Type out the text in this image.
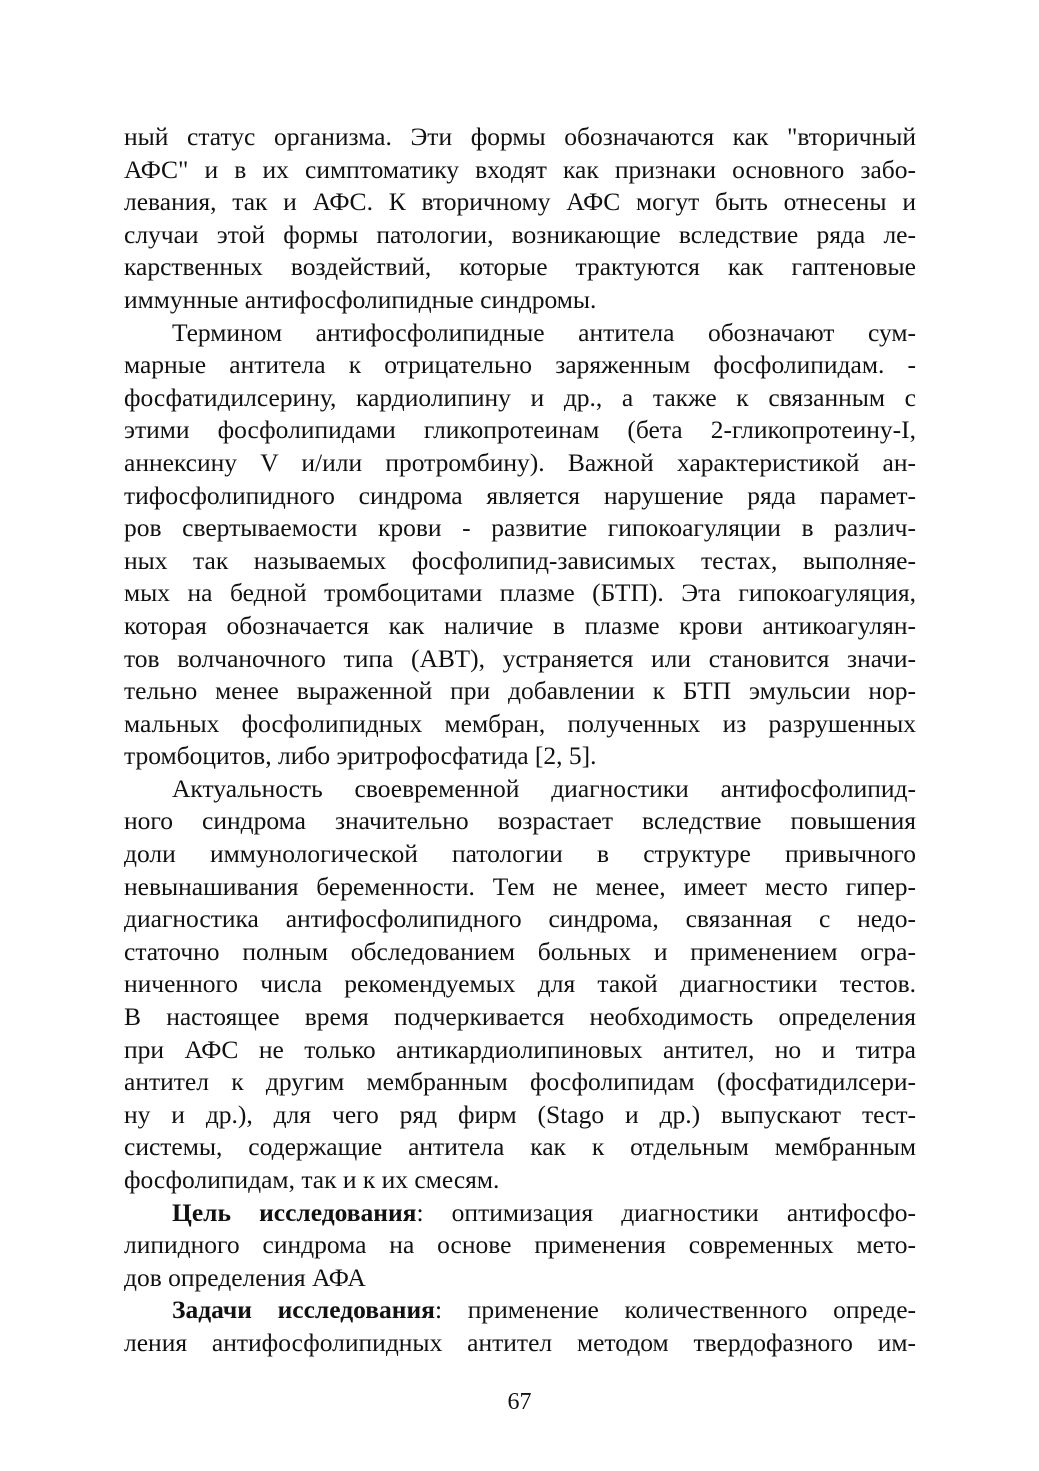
ный статус организма. Эти формы обозначаются как "вторичный
АФС" и в их симптоматику входят как признаки основного забо-
левания, так и АФС. К вторичному АФС могут быть отнесены и
случаи этой формы патологии, возникающие вследствие ряда ле-
карственных воздействий, которые трактуются как гаптеновые
иммунные антифосфолипидные синдромы.

Термином антифосфолипидные антитела обозначают сум-
марные антитела к отрицательно заряженным фосфолипидам. -
фосфатидилсерину, кардиолипину и др., а также к связанным с
этими фосфолипидами гликопротеинам (бета 2-гликопротеину-I,
аннексину V и/или протромбину). Важной характеристикой ан-
тифосфолипидного синдрома является нарушение ряда парамет-
ров свертываемости крови - развитие гипокоагуляции в различ-
ных так называемых фосфолипид-зависимых тестах, выполняе-
мых на бедной тромбоцитами плазме (БТП). Эта гипокоагуляция,
которая обозначается как наличие в плазме крови антикоагулян-
тов волчаночного типа (АВТ), устраняется или становится значи-
тельно менее выраженной при добавлении к БТП эмульсии нор-
мальных фосфолипидных мембран, полученных из разрушенных
тромбоцитов, либо эритрофосфатида [2, 5].

Актуальность своевременной диагностики антифосфолипид-
ного синдрома значительно возрастает вследствие повышения
доли иммунологической патологии в структуре привычного
невынашивания беременности. Тем не менее, имеет место гипер-
диагностика антифосфолипидного синдрома, связанная с недо-
статочно полным обследованием больных и применением огра-
ниченного числа рекомендуемых для такой диагностики тестов.
В настоящее время подчеркивается необходимость определения
при АФС не только антикардиолипиновых антител, но и титра
антител к другим мембранным фосфолипидам (фосфатидилсери-
ну и др.), для чего ряд фирм (Stago и др.) выпускают тест-
системы, содержащие антитела как к отдельным мембранным
фосфолипидам, так и к их смесям.

Цель исследования: оптимизация диагностики антифосфо-
липидного синдрома на основе применения современных мето-
дов определения АФА

Задачи исследования: применение количественного опреде-
ления антифосфолипидных антител методом твердофазного им-

67
